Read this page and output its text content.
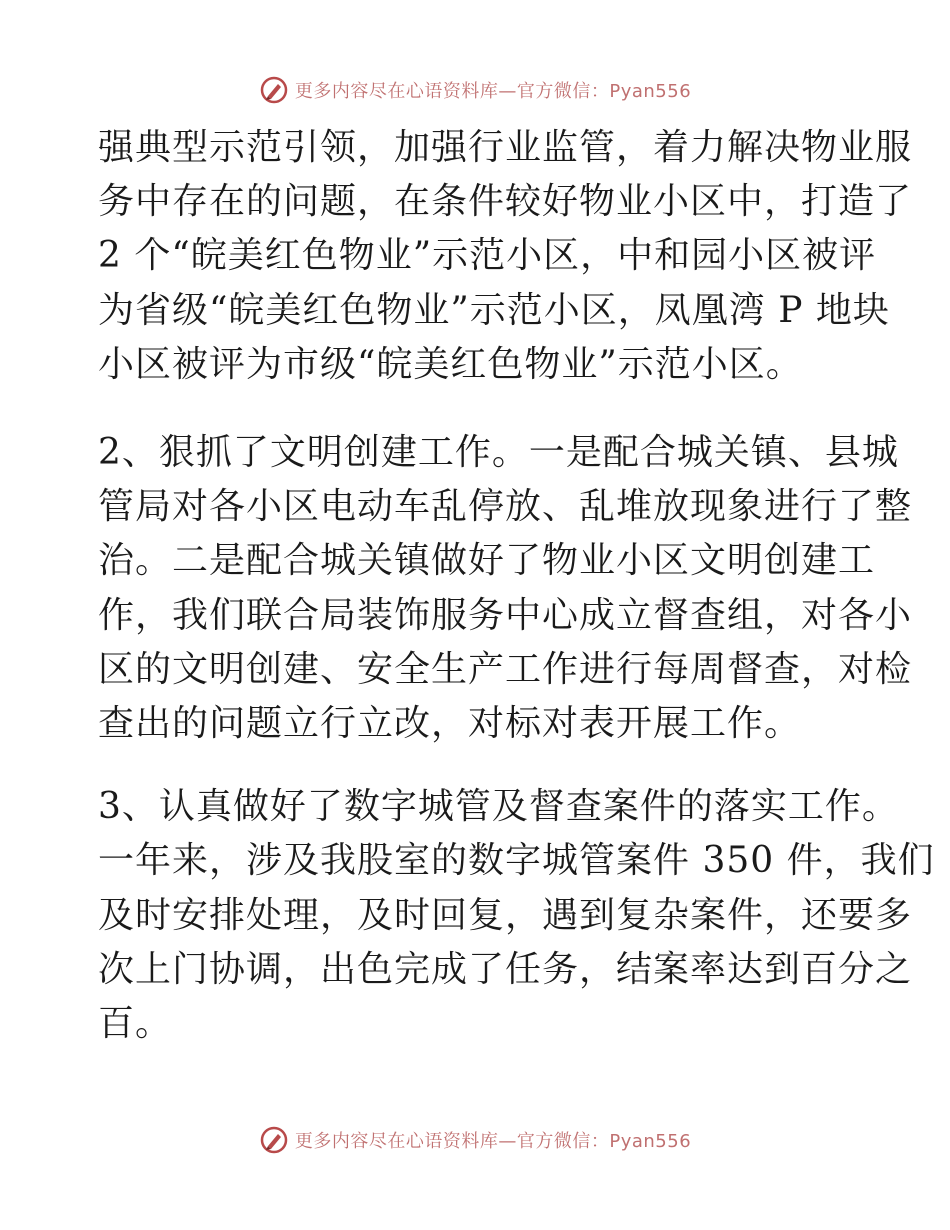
更多内容尽在心语资料库—官方微信：Pyan556
强典型示范引领，加强行业监管，着力解决物业服
务中存在的问题，在条件较好物业小区中，打造了
2 个“皖美红色物业”示范小区，中和园小区被评
为省级“皖美红色物业”示范小区，凤凰湾 P 地块
小区被评为市级“皖美红色物业”示范小区。
2、狠抓了文明创建工作。一是配合城关镇、县城
管局对各小区电动车乱停放、乱堆放现象进行了整
治。二是配合城关镇做好了物业小区文明创建工
作，我们联合局装饰服务中心成立督查组，对各小
区的文明创建、安全生产工作进行每周督查，对检
查出的问题立行立改，对标对表开展工作。
3、认真做好了数字城管及督查案件的落实工作。
一年来，涉及我股室的数字城管案件 350 件，我们
及时安排处理，及时回复，遇到复杂案件，还要多
次上门协调，出色完成了任务，结案率达到百分之
百。
更多内容尽在心语资料库—官方微信：Pyan556
